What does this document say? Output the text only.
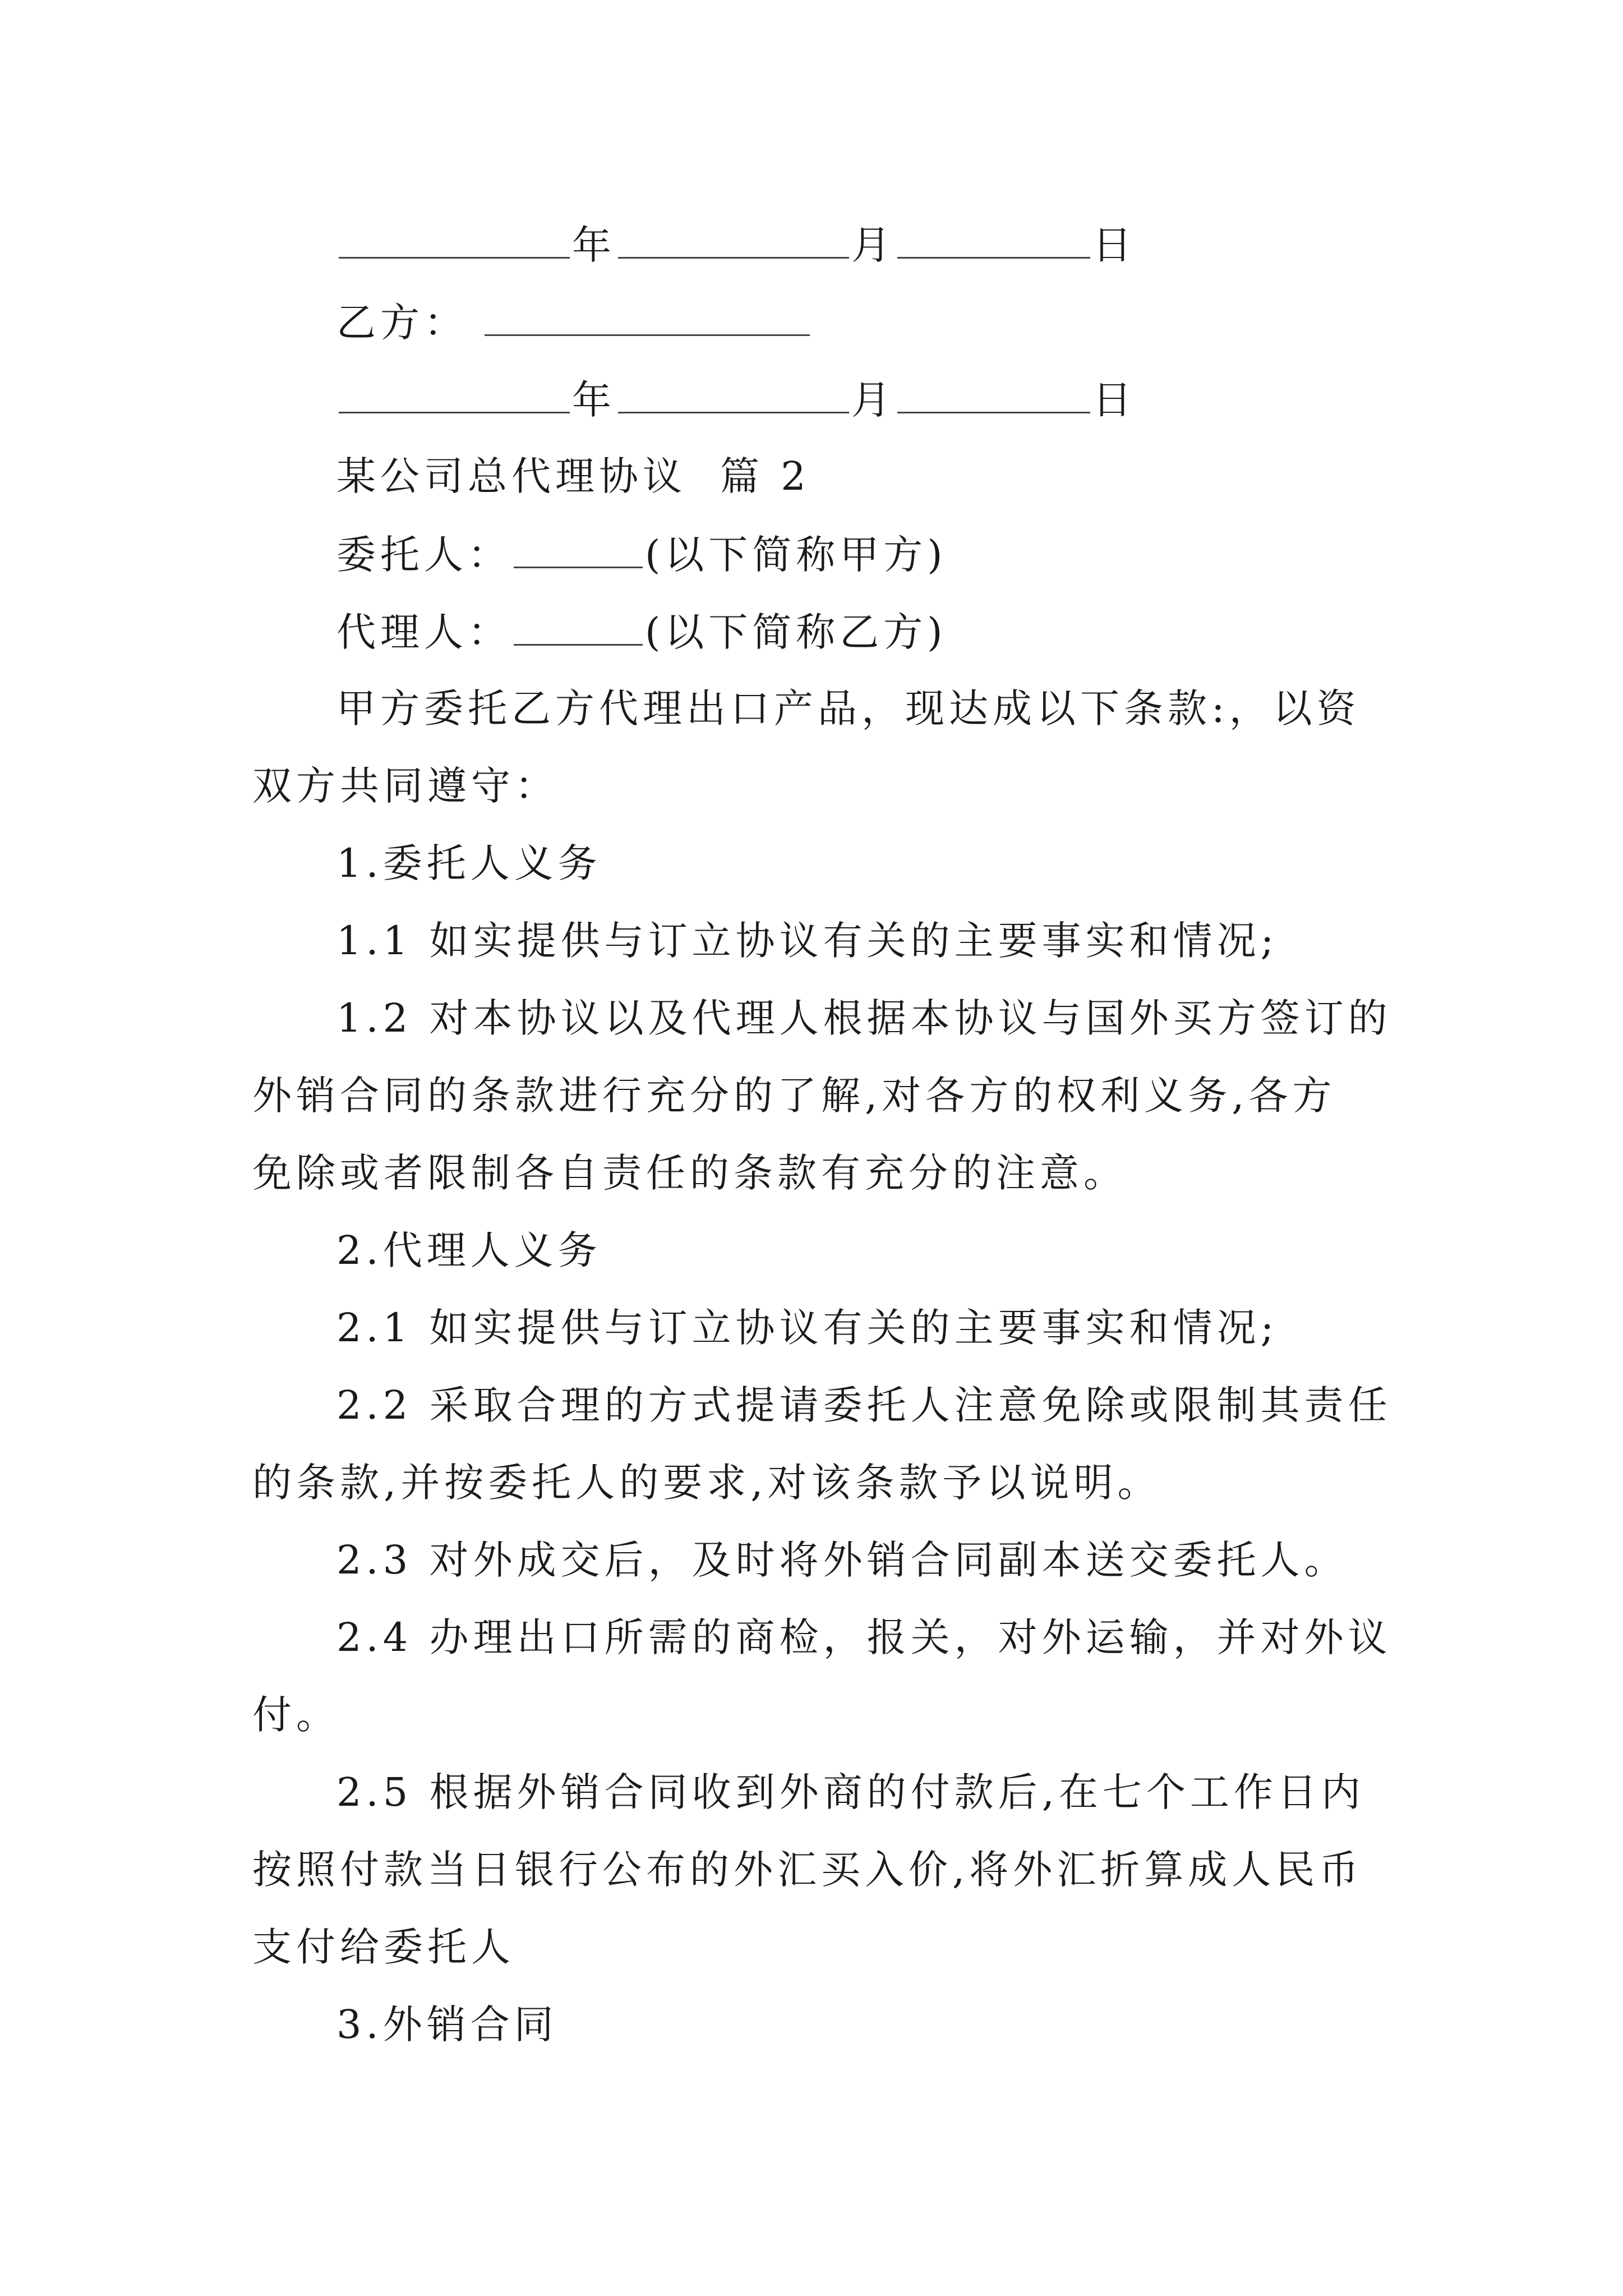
年	月	日
乙方：
年	月	日
某公司总代理协议 篇 2
委托人：	(以下简称甲方)
代理人：	(以下简称乙方)
甲方委托乙方代理出口产品，现达成以下条款:，以资
双方共同遵守：
1.委托人义务
1.1 如实提供与订立协议有关的主要事实和情况;
1.2 对本协议以及代理人根据本协议与国外买方签订的
外销合同的条款进行充分的了解,对各方的权利义务,各方
免除或者限制各自责任的条款有充分的注意。
2.代理人义务
2.1 如实提供与订立协议有关的主要事实和情况;
2.2 采取合理的方式提请委托人注意免除或限制其责任
的条款,并按委托人的要求,对该条款予以说明。
2.3 对外成交后，及时将外销合同副本送交委托人。
2.4 办理出口所需的商检，报关，对外运输，并对外议
付。
2.5 根据外销合同收到外商的付款后,在七个工作日内
按照付款当日银行公布的外汇买入价,将外汇折算成人民币
支付给委托人
3.外销合同
